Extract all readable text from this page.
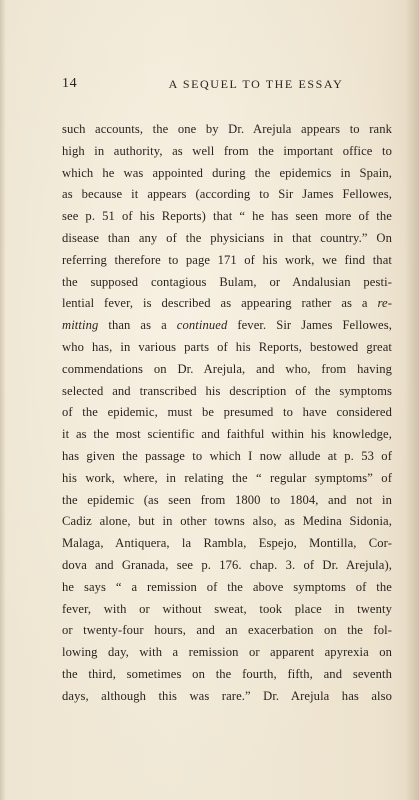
14	A SEQUEL TO THE ESSAY
such accounts, the one by Dr. Arejula appears to rank
high in authority, as well from the important office to
which he was appointed during the epidemics in Spain,
as because it appears (according to Sir James Fellowes,
see p. 51 of his Reports) that “ he has seen more of the
disease than any of the physicians in that country.” On
referring therefore to page 171 of his work, we find that
the supposed contagious Bulam, or Andalusian pesti-
lential fever, is described as appearing rather as a re-
mitting than as a continued fever. Sir James Fellowes,
who has, in various parts of his Reports, bestowed great
commendations on Dr. Arejula, and who, from having
selected and transcribed his description of the symptoms
of the epidemic, must be presumed to have considered
it as the most scientific and faithful within his knowledge,
has given the passage to which I now allude at p. 53 of
his work, where, in relating the “ regular symptoms” of
the epidemic (as seen from 1800 to 1804, and not in
Cadiz alone, but in other towns also, as Medina Sidonia,
Malaga, Antiquera, la Rambla, Espejo, Montilla, Cor-
dova and Granada, see p. 176. chap. 3. of Dr. Arejula),
he says “ a remission of the above symptoms of the
fever, with or without sweat, took place in twenty
or twenty-four hours, and an exacerbation on the fol-
lowing day, with a remission or apparent apyrexia on
the third, sometimes on the fourth, fifth, and seventh
days, although this was rare.” Dr. Arejula has also
